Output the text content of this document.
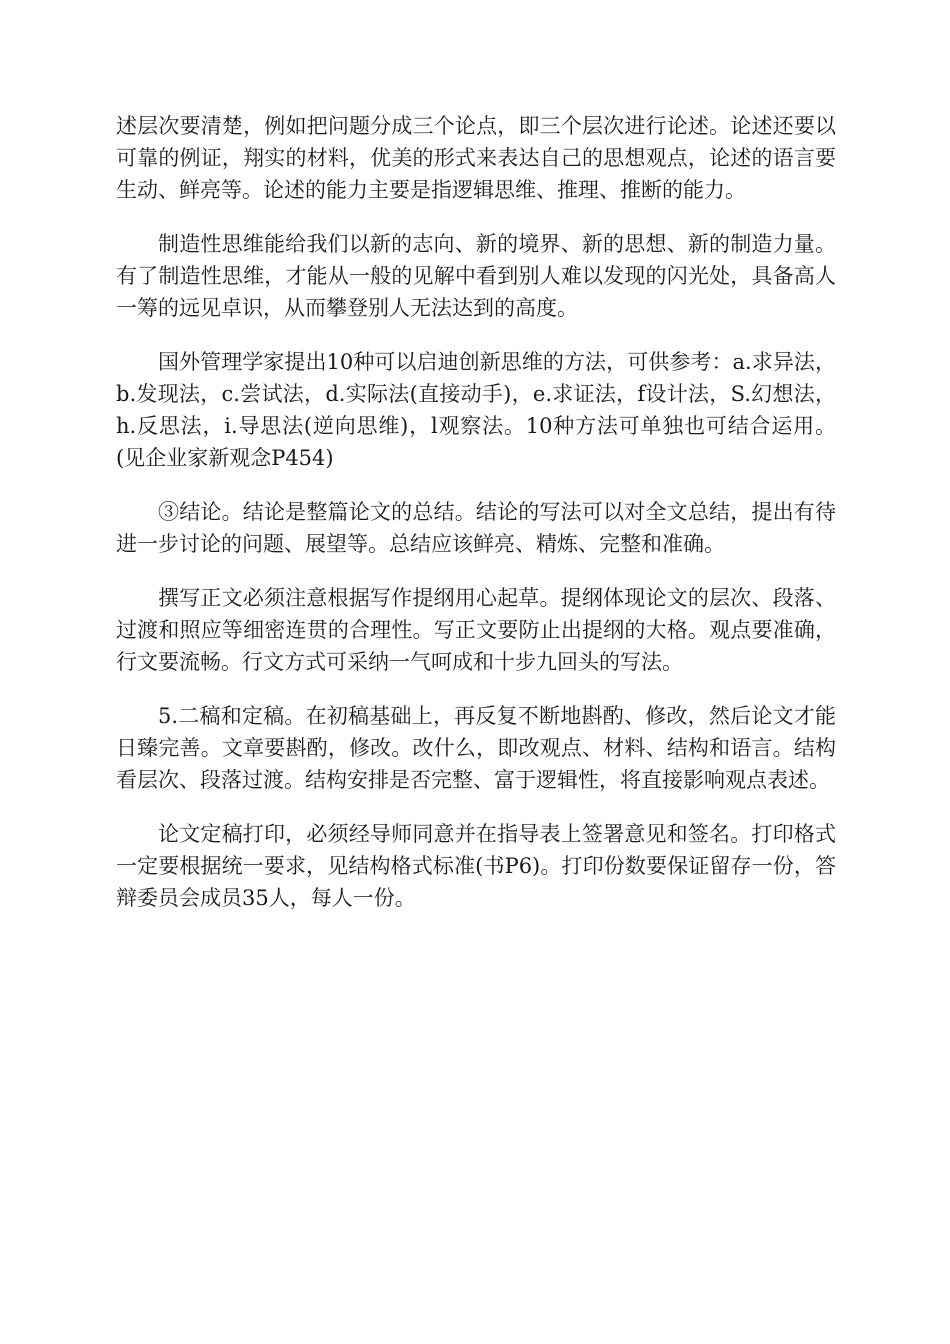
述层次要清楚，例如把问题分成三个论点，即三个层次进行论述。论述还要以可靠的例证，翔实的材料，优美的形式来表达自己的思想观点，论述的语言要生动、鲜亮等。论述的能力主要是指逻辑思维、推理、推断的能力。

制造性思维能给我们以新的志向、新的境界、新的思想、新的制造力量。有了制造性思维，才能从一般的见解中看到别人难以发现的闪光处，具备高人一筹的远见卓识，从而攀登别人无法达到的高度。

国外管理学家提出10种可以启迪创新思维的方法，可供参考：a.求异法，b.发现法，c.尝试法，d.实际法(直接动手)，e.求证法，f设计法，S.幻想法，h.反思法，i.导思法(逆向思维)，l观察法。10种方法可单独也可结合运用。(见企业家新观念P454)

③结论。结论是整篇论文的总结。结论的写法可以对全文总结，提出有待进一步讨论的问题、展望等。总结应该鲜亮、精炼、完整和准确。

撰写正文必须注意根据写作提纲用心起草。提纲体现论文的层次、段落、过渡和照应等细密连贯的合理性。写正文要防止出提纲的大格。观点要准确，行文要流畅。行文方式可采纳一气呵成和十步九回头的写法。

5.二稿和定稿。在初稿基础上，再反复不断地斟酌、修改，然后论文才能日臻完善。文章要斟酌，修改。改什么，即改观点、材料、结构和语言。结构看层次、段落过渡。结构安排是否完整、富于逻辑性，将直接影响观点表述。

论文定稿打印，必须经导师同意并在指导表上签署意见和签名。打印格式一定要根据统一要求，见结构格式标准(书P6)。打印份数要保证留存一份，答辩委员会成员35人，每人一份。
